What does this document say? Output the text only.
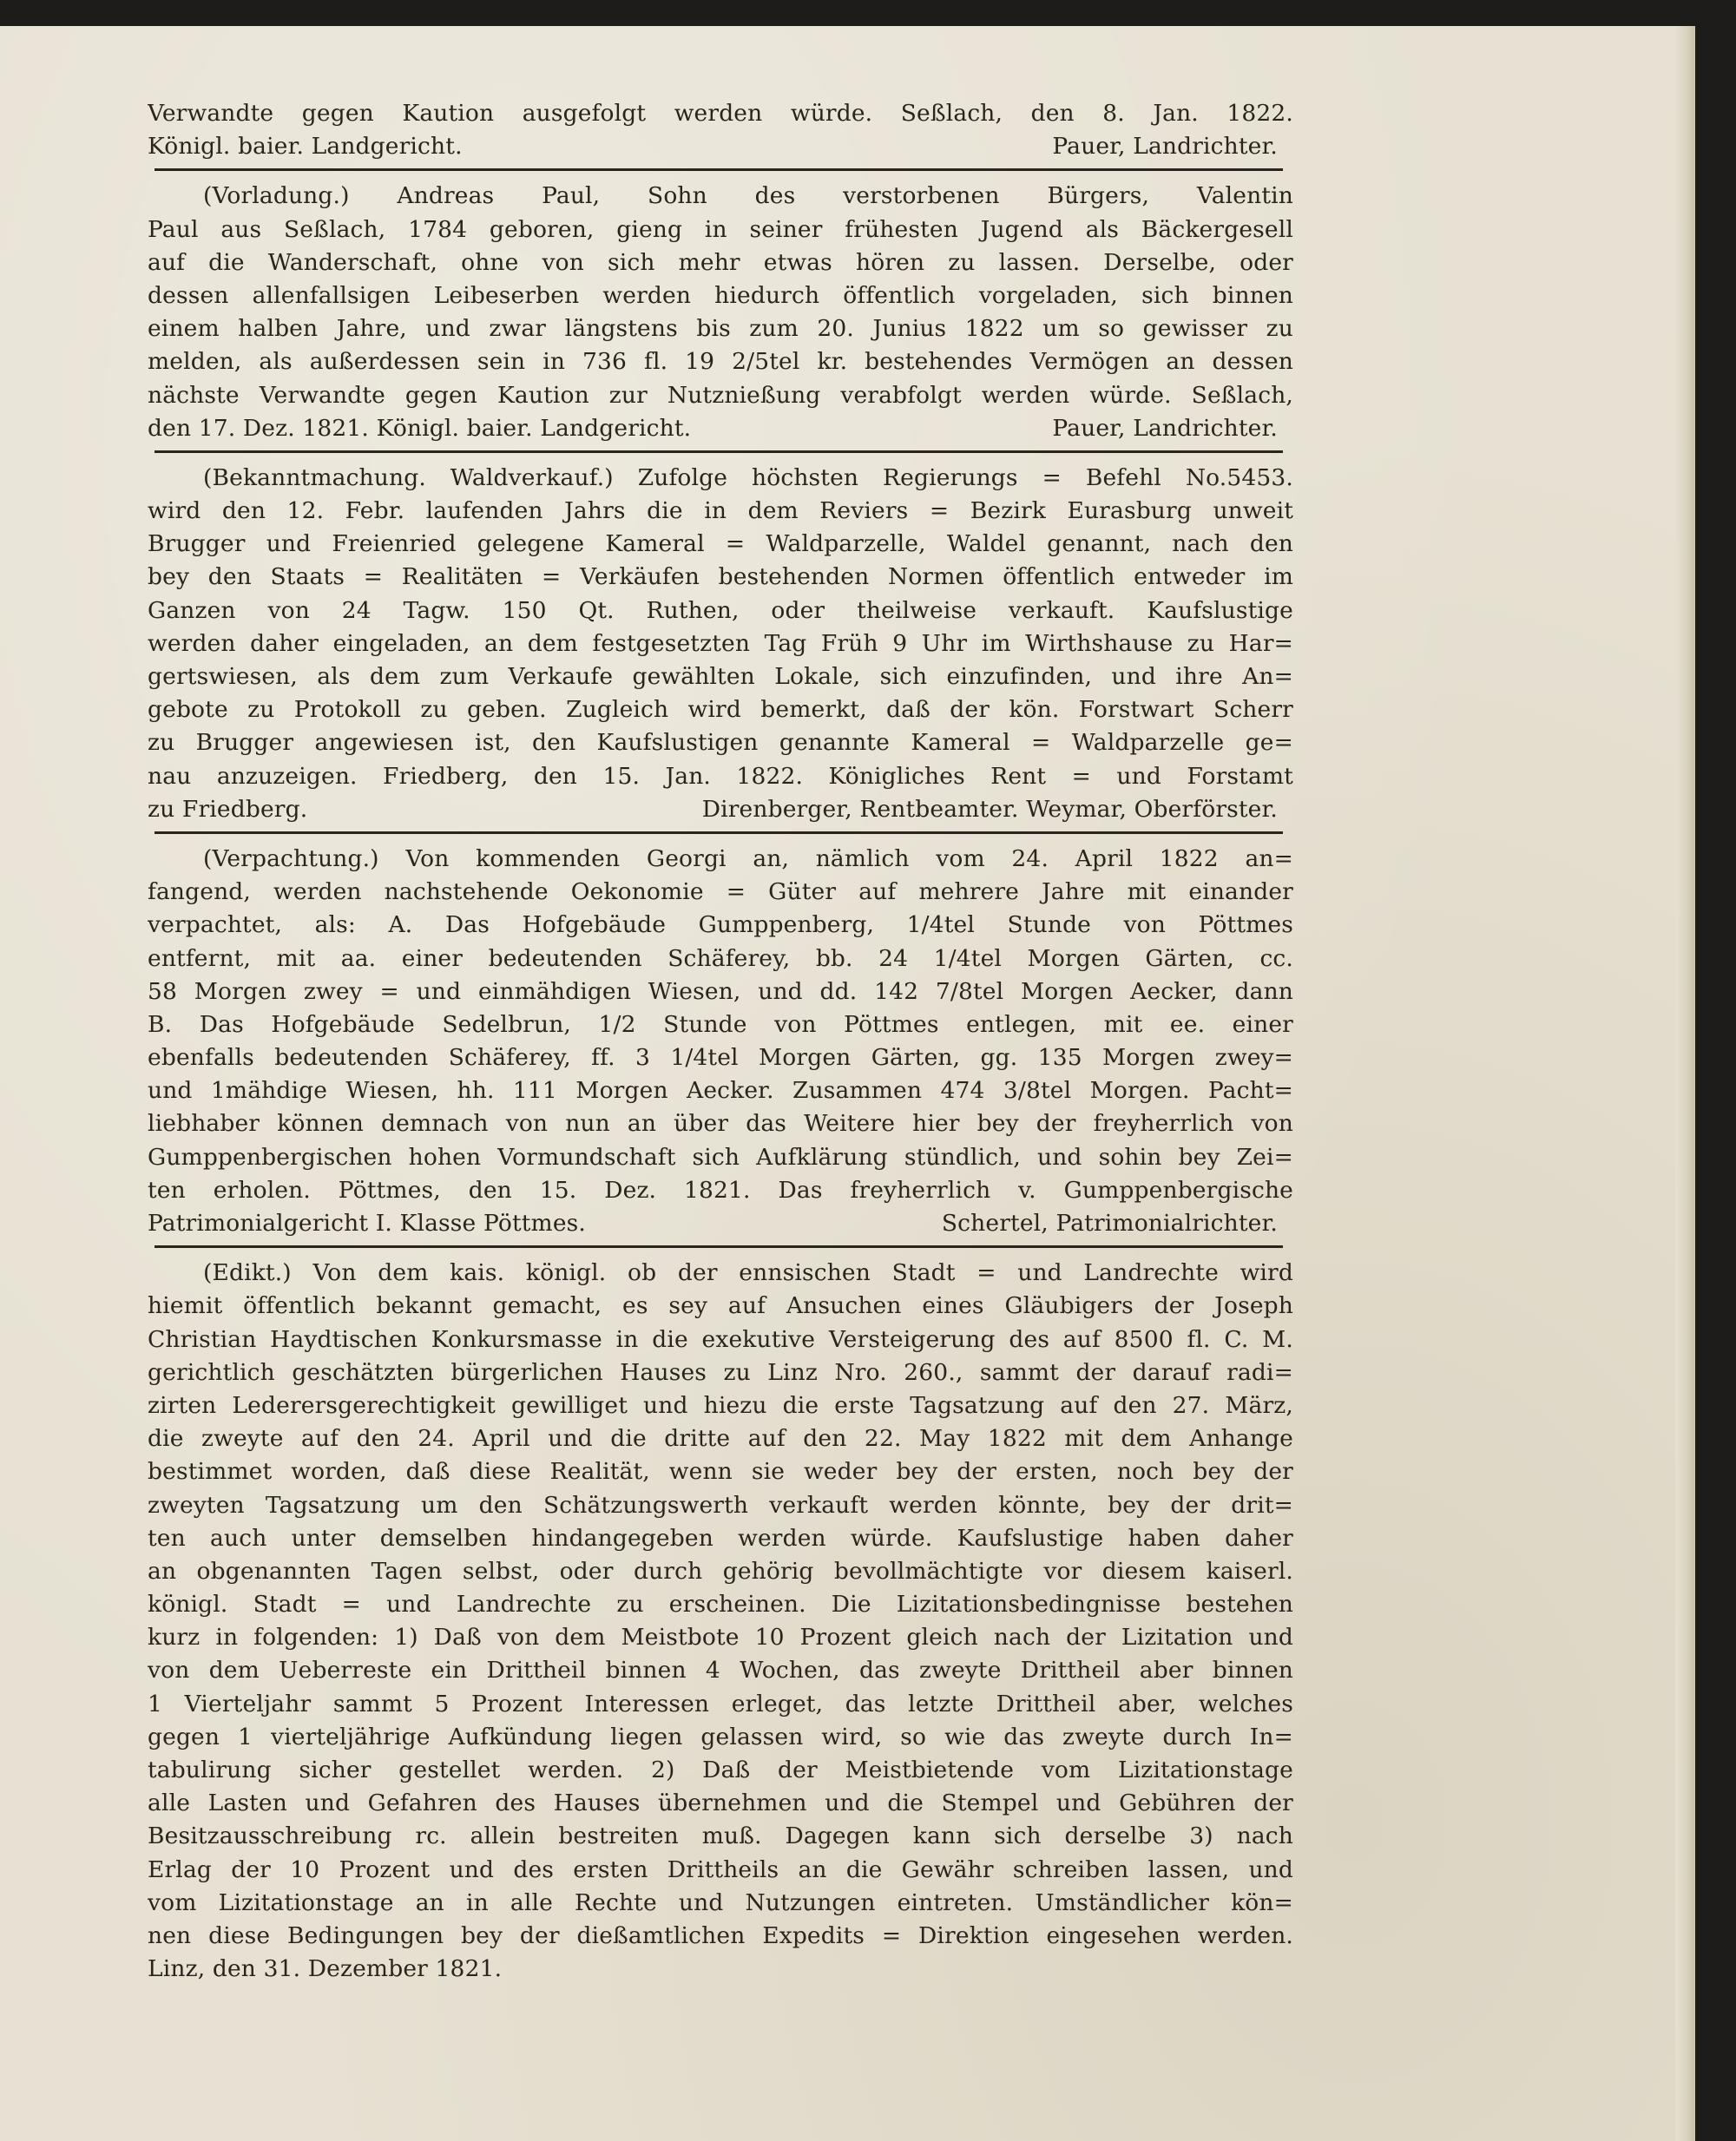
Verwandte gegen Kaution ausgefolgt werden würde. Seßlach, den 8. Jan. 1822.
Königl. baier. Landgericht.	Pauer, Landrichter.
(Vorladung.) Andreas Paul, Sohn des verstorbenen Bürgers, Valentin
Paul aus Seßlach, 1784 geboren, gieng in seiner frühesten Jugend als Bäckergesell
auf die Wanderschaft, ohne von sich mehr etwas hören zu lassen. Derselbe, oder
dessen allenfallsigen Leibeserben werden hiedurch öffentlich vorgeladen, sich binnen
einem halben Jahre, und zwar längstens bis zum 20. Junius 1822 um so gewisser zu
melden, als außerdessen sein in 736 fl. 19 2/5tel kr. bestehendes Vermögen an dessen
nächste Verwandte gegen Kaution zur Nutznießung verabfolgt werden würde. Seßlach,
den 17. Dez. 1821. Königl. baier. Landgericht.	Pauer, Landrichter.
(Bekanntmachung. Waldverkauf.) Zufolge höchsten Regierungs = Befehl No.5453.
wird den 12. Febr. laufenden Jahrs die in dem Reviers = Bezirk Eurasburg unweit
Brugger und Freienried gelegene Kameral = Waldparzelle, Waldel genannt, nach den
bey den Staats = Realitäten = Verkäufen bestehenden Normen öffentlich entweder im
Ganzen von 24 Tagw. 150 Qt. Ruthen, oder theilweise verkauft. Kaufslustige
werden daher eingeladen, an dem festgesetzten Tag Früh 9 Uhr im Wirthshause zu Har=
gertswiesen, als dem zum Verkaufe gewählten Lokale, sich einzufinden, und ihre An=
gebote zu Protokoll zu geben. Zugleich wird bemerkt, daß der kön. Forstwart Scherr
zu Brugger angewiesen ist, den Kaufslustigen genannte Kameral = Waldparzelle ge=
nau anzuzeigen. Friedberg, den 15. Jan. 1822. Königliches Rent = und Forstamt
zu Friedberg.	Direnberger, Rentbeamter. Weymar, Oberförster.
(Verpachtung.) Von kommenden Georgi an, nämlich vom 24. April 1822 an=
fangend, werden nachstehende Oekonomie = Güter auf mehrere Jahre mit einander
verpachtet, als: A. Das Hofgebäude Gumppenberg, 1/4tel Stunde von Pöttmes
entfernt, mit aa. einer bedeutenden Schäferey, bb. 24 1/4tel Morgen Gärten, cc.
58 Morgen zwey = und einmähdigen Wiesen, und dd. 142 7/8tel Morgen Aecker, dann
B. Das Hofgebäude Sedelbrun, 1/2 Stunde von Pöttmes entlegen, mit ee. einer
ebenfalls bedeutenden Schäferey, ff. 3 1/4tel Morgen Gärten, gg. 135 Morgen zwey=
und 1mähdige Wiesen, hh. 111 Morgen Aecker. Zusammen 474 3/8tel Morgen. Pacht=
liebhaber können demnach von nun an über das Weitere hier bey der freyherrlich von
Gumppenbergischen hohen Vormundschaft sich Aufklärung stündlich, und sohin bey Zei=
ten erholen. Pöttmes, den 15. Dez. 1821. Das freyherrlich v. Gumppenbergische
Patrimonialgericht I. Klasse Pöttmes.	Schertel, Patrimonialrichter.
(Edikt.) Von dem kais. königl. ob der ennsischen Stadt = und Landrechte wird
hiemit öffentlich bekannt gemacht, es sey auf Ansuchen eines Gläubigers der Joseph
Christian Haydtischen Konkursmasse in die exekutive Versteigerung des auf 8500 fl. C. M.
gerichtlich geschätzten bürgerlichen Hauses zu Linz Nro. 260., sammt der darauf radi=
zirten Lederersgerechtigkeit gewilliget und hiezu die erste Tagsatzung auf den 27. März,
die zweyte auf den 24. April und die dritte auf den 22. May 1822 mit dem Anhange
bestimmet worden, daß diese Realität, wenn sie weder bey der ersten, noch bey der
zweyten Tagsatzung um den Schätzungswerth verkauft werden könnte, bey der drit=
ten auch unter demselben hindangegeben werden würde. Kaufslustige haben daher
an obgenannten Tagen selbst, oder durch gehörig bevollmächtigte vor diesem kaiserl.
königl. Stadt = und Landrechte zu erscheinen. Die Lizitationsbedingnisse bestehen
kurz in folgenden: 1) Daß von dem Meistbote 10 Prozent gleich nach der Lizitation und
von dem Ueberreste ein Drittheil binnen 4 Wochen, das zweyte Drittheil aber binnen
1 Vierteljahr sammt 5 Prozent Interessen erleget, das letzte Drittheil aber, welches
gegen 1 vierteljährige Aufkündung liegen gelassen wird, so wie das zweyte durch In=
tabulirung sicher gestellet werden. 2) Daß der Meistbietende vom Lizitationstage
alle Lasten und Gefahren des Hauses übernehmen und die Stempel und Gebühren der
Besitzausschreibung rc. allein bestreiten muß. Dagegen kann sich derselbe 3) nach
Erlag der 10 Prozent und des ersten Drittheils an die Gewähr schreiben lassen, und
vom Lizitationstage an in alle Rechte und Nutzungen eintreten. Umständlicher kön=
nen diese Bedingungen bey der dießamtlichen Expedits = Direktion eingesehen werden.
Linz, den 31. Dezember 1821.
